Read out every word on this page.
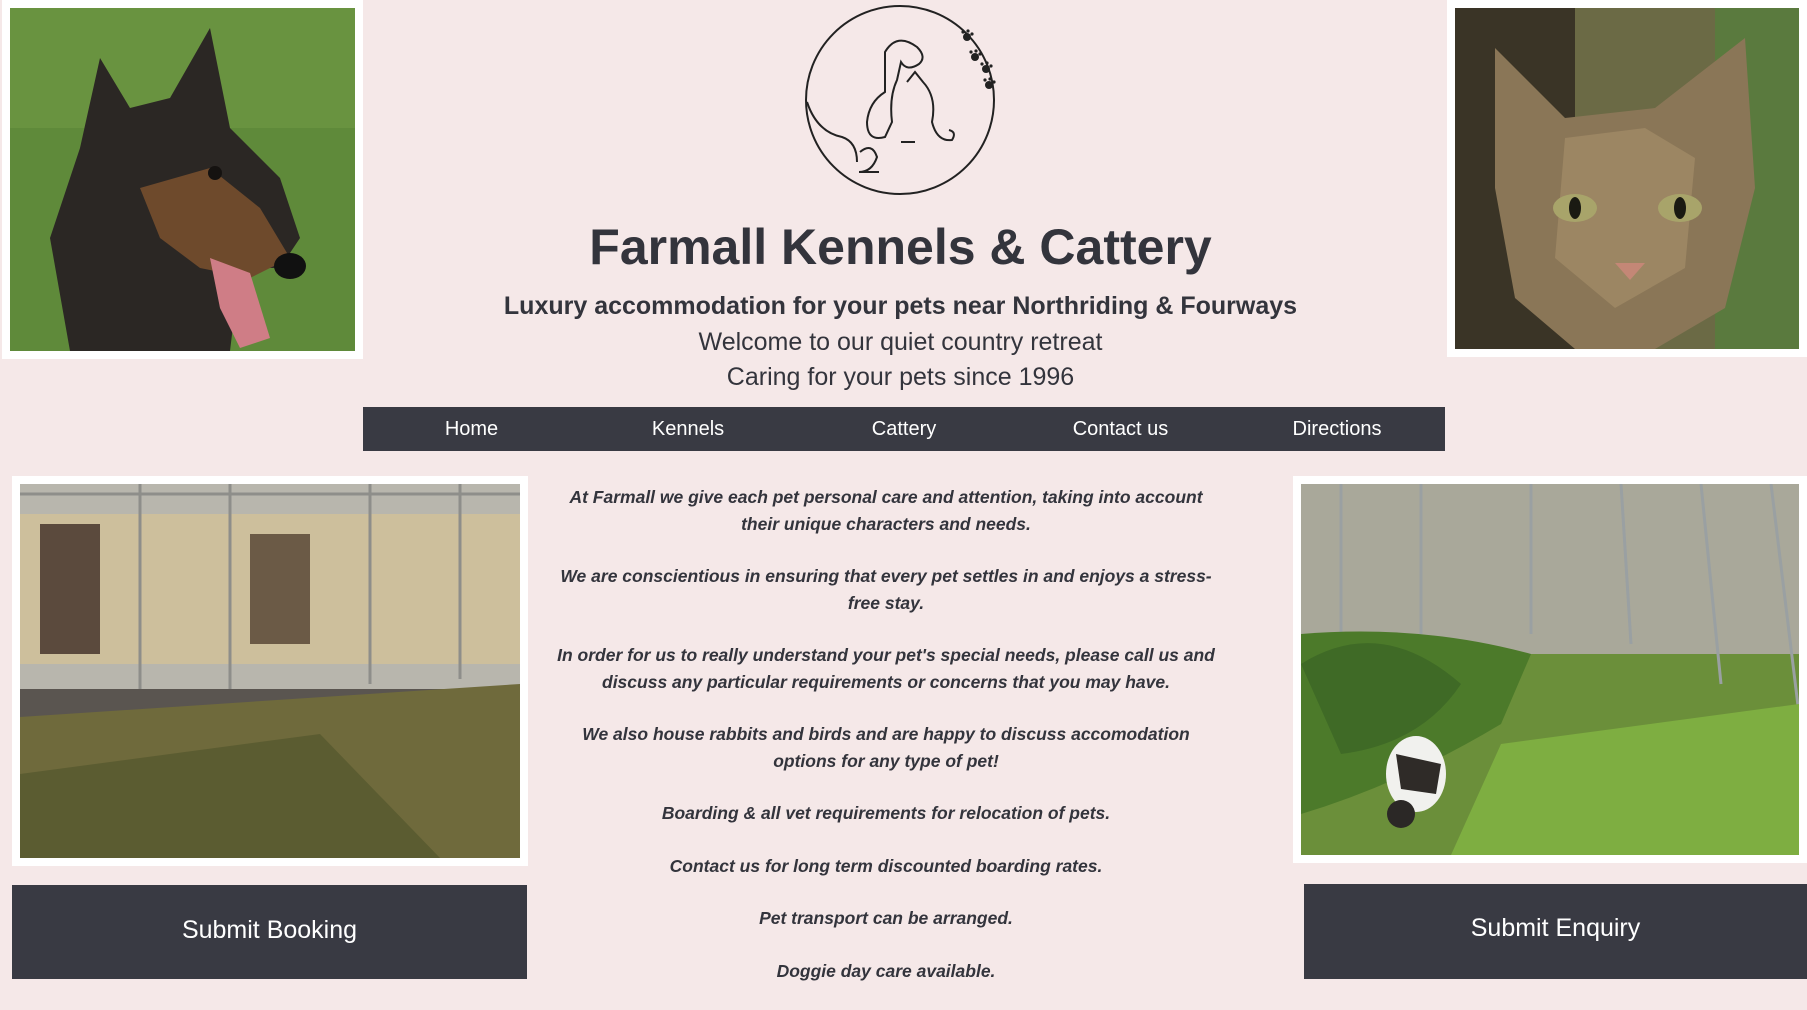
Farmall Kennels & Cattery
Luxury accommodation for your pets near Northriding & Fourways
Welcome to our quiet country retreat
Caring for your pets since 1996
Home	Kennels	Cattery	Contact us	Directions

At Farmall we give each pet personal care and attention, taking into account their unique characters and needs.

We are conscientious in ensuring that every pet settles in and enjoys a stress-free stay.

In order for us to really understand your pet's special needs, please call us and discuss any particular requirements or concerns that you may have.

We also house rabbits and birds and are happy to discuss accomodation options for any type of pet!

Boarding & all vet requirements for relocation of pets.

Contact us for long term discounted boarding rates.

Pet transport can be arranged.

Doggie day care available.

Submit Booking	Submit Enquiry
